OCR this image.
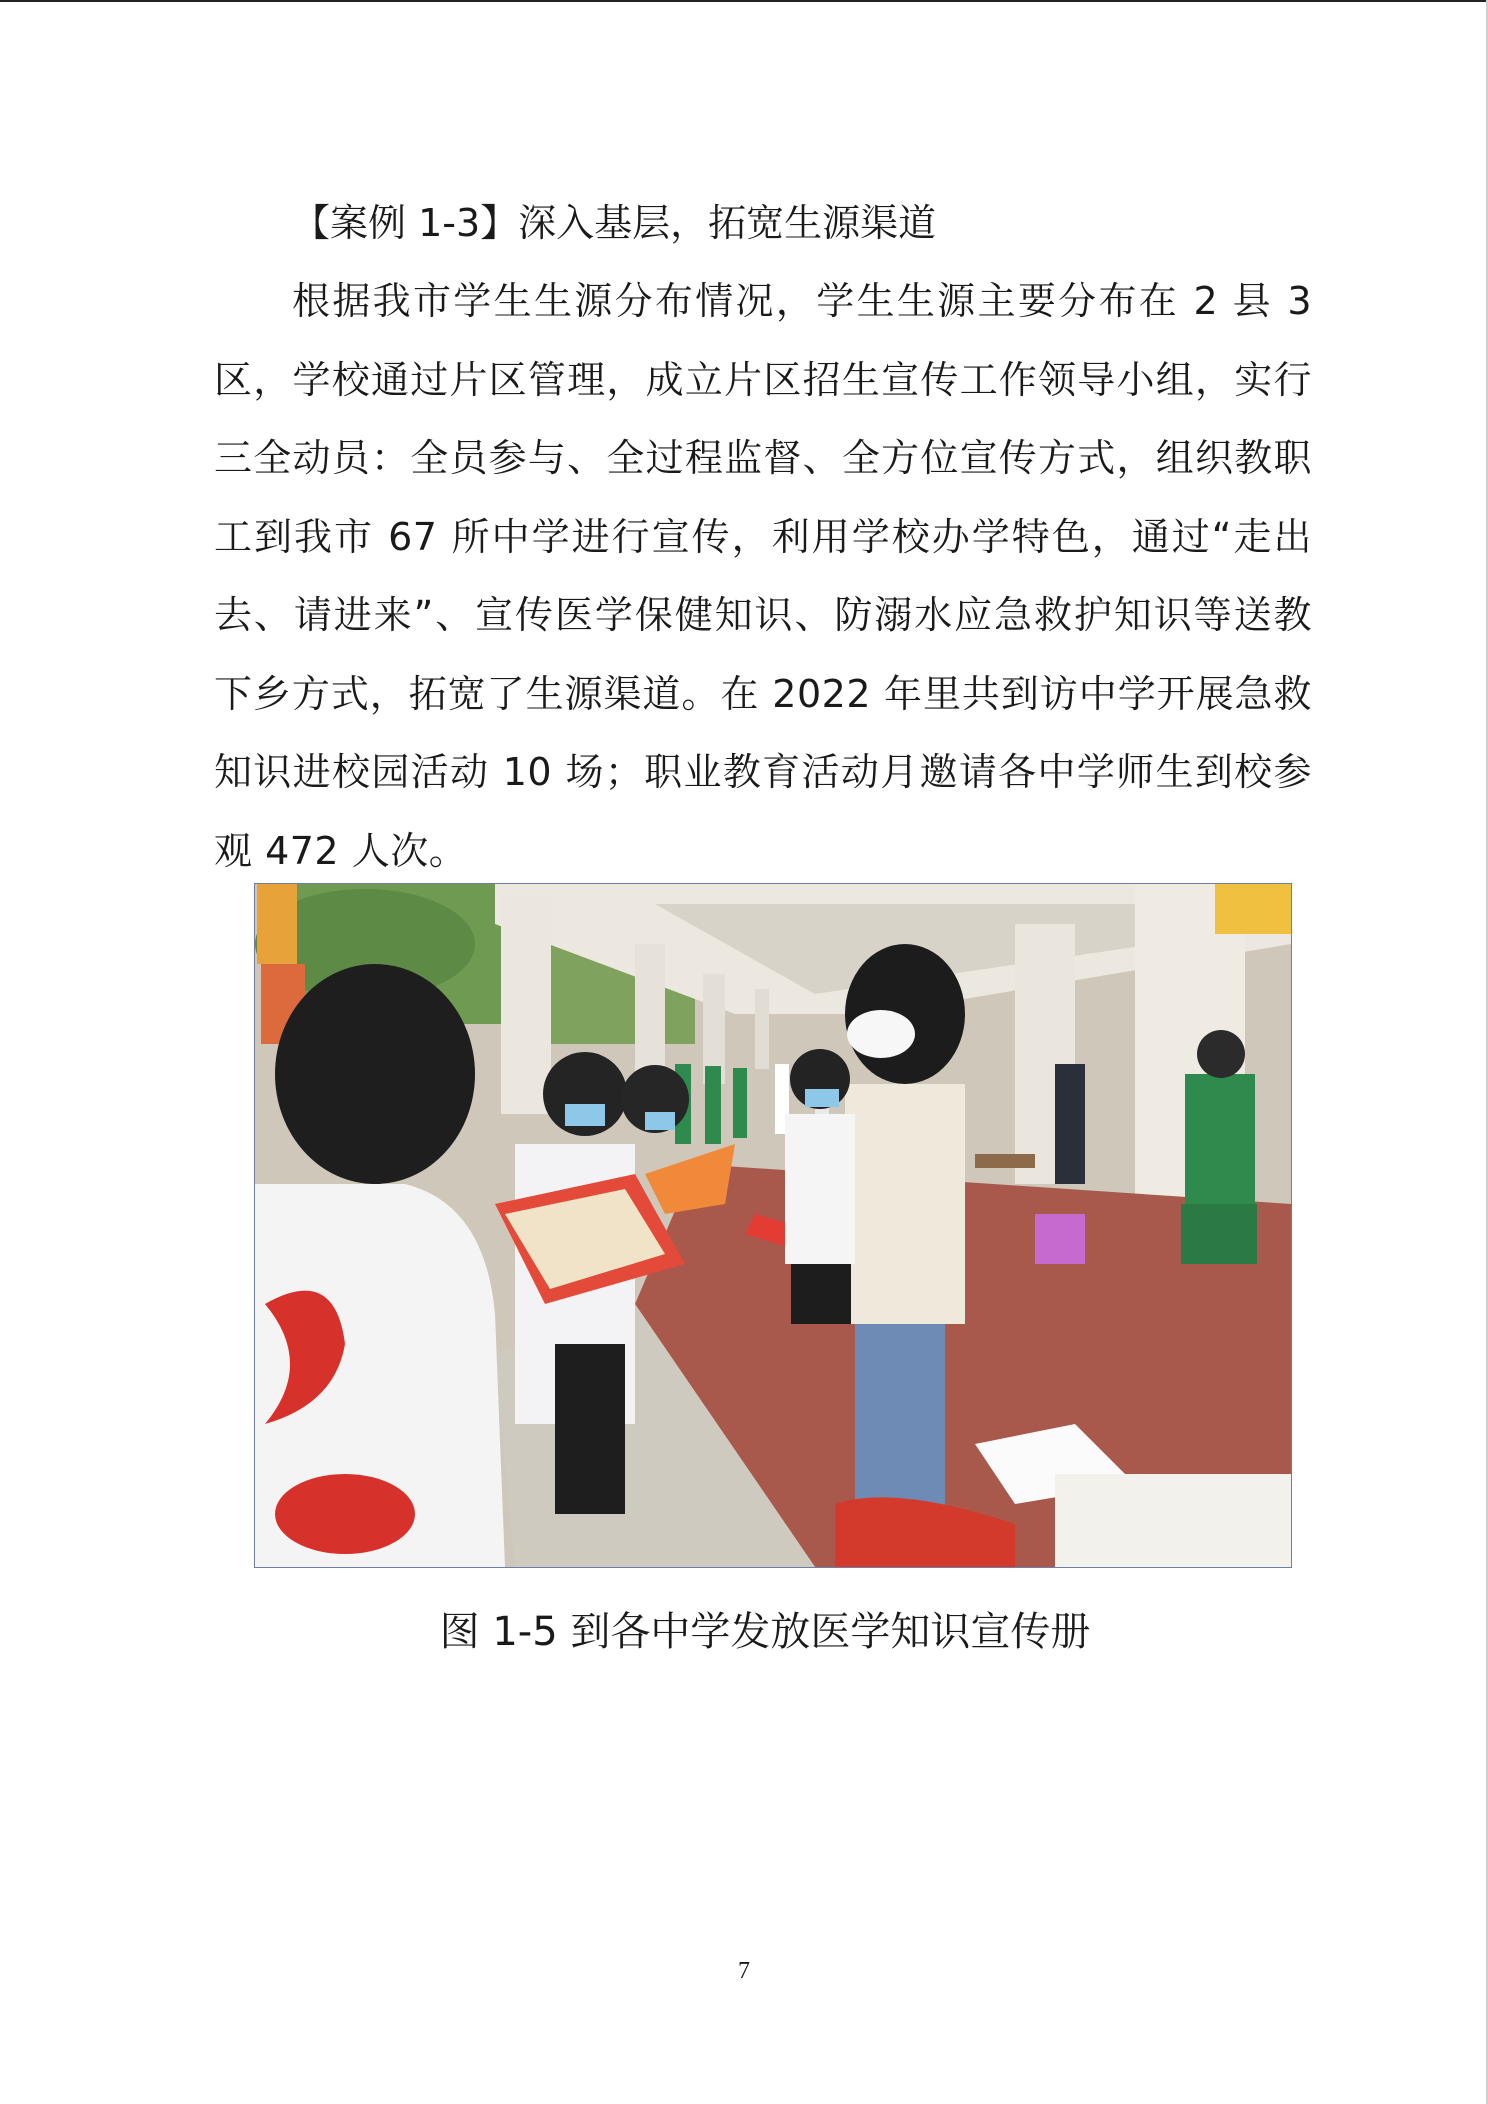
【案例 1-3】深入基层，拓宽生源渠道
根据我市学生生源分布情况，学生生源主要分布在 2 县 3 区，学校通过片区管理，成立片区招生宣传工作领导小组，实行三全动员：全员参与、全过程监督、全方位宣传方式，组织教职工到我市 67 所中学进行宣传，利用学校办学特色，通过“走出去、请进来”、宣传医学保健知识、防溺水应急救护知识等送教下乡方式，拓宽了生源渠道。在 2022 年里共到访中学开展急救知识进校园活动 10 场；职业教育活动月邀请各中学师生到校参观 472 人次。
图 1-5 到各中学发放医学知识宣传册
7
